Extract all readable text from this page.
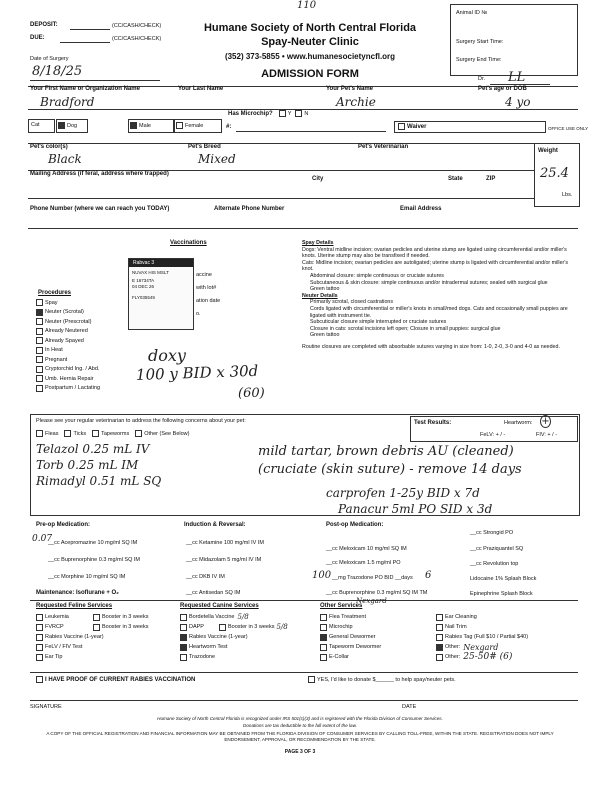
110
DEPOSIT:	(CC/CASH/CHECK)
DUE:	(CC/CASH/CHECK)
Date of Surgery
8/18/25
Humane Society of North Central Florida
Spay-Neuter Clinic
(352) 373-5855 • www.humanesocietyncfl.org
ADMISSION FORM
Animal ID №
Surgery Start Time:
Surgery End Time:
Dr. LL
Your First Name or Organization Name
Bradford
Your Last Name	Your Pet's Name
Archie
Pet's age or DOB
4 yo
Has Microchip?	Y N
Cat	Dog	Male	Female	#:	Waiver	OFFICE USE ONLY
Pet's color(s)
Black
Pet's Breed
Mixed
Pet's Veterinarian
Weight
25.4
Lbs.
Mailing Address (if feral, address where trapped)
City	State	ZIP
Phone Number (where we can reach you TODAY)	Alternate Phone Number	Email Address
Vaccinations
Rabvac 3
NUVAX HIS MSLT
E 16734TA
04 DEC 26
FLY035549
accine
with lot#
ation date
o.
Procedures
Spay
Neuter (Scrotal)
Neuter (Prescrotal)
Already Neutered
Already Spayed
In Heat
Pregnant
Cryptorchid Ing. / Abd.
Umb. Hernia Repair
Postpartum / Lactating
doxy
100 y BID x 30d
(60)
Spay Details
Dogs: Ventral midline incision; ovarian pedicles and uterine stump are ligated using circumferential and/or miller's knots. Uterine stump may also be transfixed if needed.
Cats: Midline incision; ovarian pedicles are autoligated; uterine stump is ligated with circumferential and/or miller's knot.
Abdominal closure: simple continuous or cruciate sutures
Subcutaneous & skin closure: simple continuous and/or intradermal sutures; sealed with surgical glue
Green tattoo
Neuter Details
Primarily scrotal, closed castrations
Cords ligated with circumferential or miller's knots in small/med dogs. Cats and occasionally small puppies are ligated with instrument tie.
Subcuticular closure simple interrupted or cruciate sutures
Closure in cats: scrotal incisions left open; Closure in small puppies: surgical glue
Green tattoo
Routine closures are completed with absorbable sutures varying in size from: 1-0, 2-0, 3-0 and 4-0 as needed.
Please see your regular veterinarian to address the following concerns about your pet:
Fleas	Ticks	Tapeworms	Other (See Below)
Test Results:	Heartworm: +
FeLV: + / -	FIV: + / -
Telazol 0.25 mL IV
Torb 0.25 mL IM
Rimadyl 0.51 mL SQ
mild tartar, brown debris AU (cleaned)
(cruciate (skin suture) - remove 14 days
carprofen 1-25y BID x 7d
Panacur 5ml PO SID x 3d
Pre-op Medication:
0.07
__cc Acepromazine 10 mg/ml SQ IM
__cc Buprenorphine 0.3 mg/ml SQ IM
__cc Morphine 10 mg/ml SQ IM
Maintenance: Isoflurane + O₂
Induction & Reversal:
__cc Ketamine 100 mg/ml IV IM
__cc Midazolam 5 mg/ml IV IM
__cc DKB IV IM
__cc Antisedan SQ IM
Post-op Medication:
__cc Meloxicam 10 mg/ml SQ IM
__cc Meloxicam 1.5 mg/ml PO
100 __mg Trazodone PO BID __days 6
__cc Buprenorphine 0.3 mg/ml SQ IM TM
__cc Strongid PO
__cc Praziquantel SQ
__cc Revolution top
Lidocaine 1% Splash Block
Epinephrine Splash Block
Requested Feline Services
Leukemia	Booster in 3 weeks
FVRCP	Booster in 3 weeks
Rabies Vaccine (1-year)
FeLV / FIV Test
Ear Tip
Requested Canine Services
Bordetella Vaccine 5/8
DAPP	Booster in 3 weeks 5/8
Rabies Vaccine (1-year)
Heartworm Test
Trazodone
Other Services
Nexgard
Flea Treatment
Microchip
General Dewormer
Tapeworm Dewormer
E-Collar
Ear Cleaning
Nail Trim
Rabies Tag (Full $10 / Partial $40)
Other: Nexgard
Other: 25-50# (6)
I HAVE PROOF OF CURRENT RABIES VACCINATION	YES, I'd like to donate $______ to help spay/neuter pets.
SIGNATURE	DATE
Humane Society of North Central Florida is recognized under IRS 501(c)(3) and is registered with the Florida Division of Consumer Services.
Donations are tax deductible to the full extent of the law.
A COPY OF THE OFFICIAL REGISTRATION AND FINANCIAL INFORMATION MAY BE OBTAINED FROM THE FLORIDA DIVISION OF CONSUMER SERVICES BY CALLING TOLL-FREE, WITHIN THE STATE. REGISTRATION DOES NOT IMPLY ENDORSEMENT, APPROVAL, OR RECOMMENDATION BY THE STATE.
PAGE 3 OF 3
